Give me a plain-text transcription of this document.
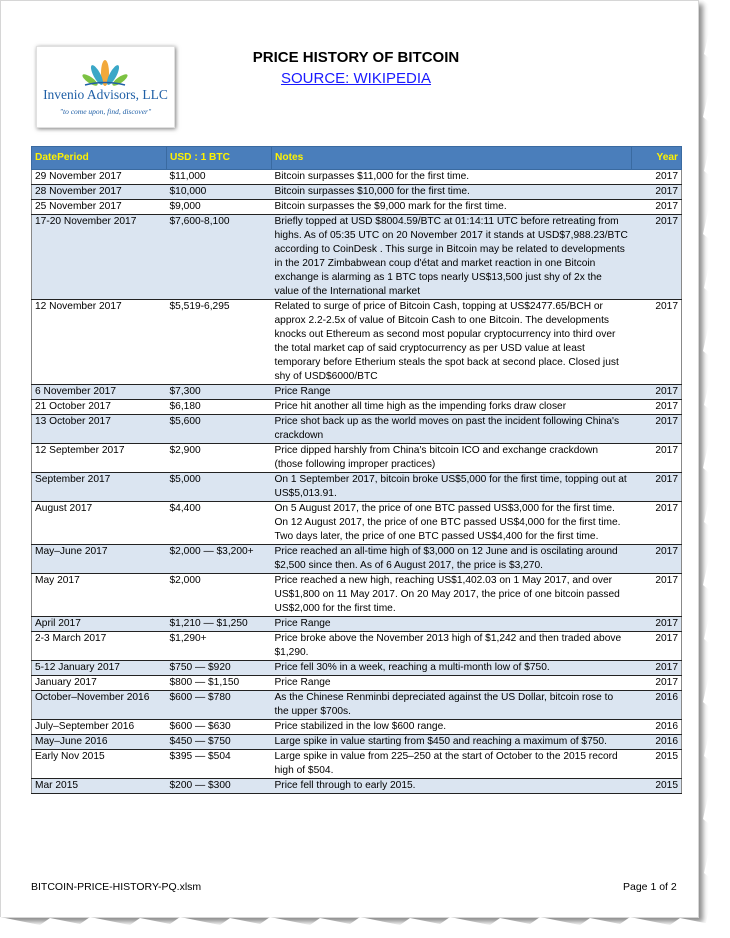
Invenio Advisors, LLC
"to come upon, find, discover"
PRICE HISTORY OF BITCOIN
SOURCE: WIKIPEDIA
DatePeriod	USD : 1 BTC	Notes	Year
29 November 2017	$11,000	Bitcoin surpasses $11,000 for the first time.	2017
28 November 2017	$10,000	Bitcoin surpasses $10,000 for the first time.	2017
25 November 2017	$9,000	Bitcoin surpasses the $9,000 mark for the first time.	2017
17-20 November 2017	$7,600-8,100	Briefly topped at USD $8004.59/BTC at 01:14:11 UTC before retreating from highs. As of 05:35 UTC on 20 November 2017 it stands at USD$7,988.23/BTC according to CoinDesk . This surge in Bitcoin may be related to developments in the 2017 Zimbabwean coup d'état and market reaction in one Bitcoin exchange is alarming as 1 BTC tops nearly US$13,500 just shy of 2x the value of the International market	2017
12 November 2017	$5,519-6,295	Related to surge of price of Bitcoin Cash, topping at US$2477.65/BCH or approx 2.2-2.5x of value of Bitcoin Cash to one Bitcoin. The developments knocks out Ethereum as second most popular cryptocurrency into third over the total market cap of said cryptocurrency as per USD value at least temporary before Etherium steals the spot back at second place. Closed just shy of USD$6000/BTC	2017
6 November 2017	$7,300	Price Range	2017
21 October 2017	$6,180	Price hit another all time high as the impending forks draw closer	2017
13 October 2017	$5,600	Price shot back up as the world moves on past the incident following China's crackdown	2017
12 September 2017	$2,900	Price dipped harshly from China's bitcoin ICO and exchange crackdown (those following improper practices)	2017
September 2017	$5,000	On 1 September 2017, bitcoin broke US$5,000 for the first time, topping out at US$5,013.91.	2017
August 2017	$4,400	On 5 August 2017, the price of one BTC passed US$3,000 for the first time. On 12 August 2017, the price of one BTC passed US$4,000 for the first time. Two days later, the price of one BTC passed US$4,400 for the first time.	2017
May–June 2017	$2,000 — $3,200+	Price reached an all-time high of $3,000 on 12 June and is oscilating around $2,500 since then. As of 6 August 2017, the price is $3,270.	2017
May 2017	$2,000	Price reached a new high, reaching US$1,402.03 on 1 May 2017, and over US$1,800 on 11 May 2017. On 20 May 2017, the price of one bitcoin passed US$2,000 for the first time.	2017
April 2017	$1,210 — $1,250	Price Range	2017
2-3 March 2017	$1,290+	Price broke above the November 2013 high of $1,242 and then traded above $1,290.	2017
5-12 January 2017	$750 — $920	Price fell 30% in a week, reaching a multi-month low of $750.	2017
January 2017	$800 — $1,150	Price Range	2017
October–November 2016	$600 — $780	As the Chinese Renminbi depreciated against the US Dollar, bitcoin rose to the upper $700s.	2016
July–September 2016	$600 — $630	Price stabilized in the low $600 range.	2016
May–June 2016	$450 — $750	Large spike in value starting from $450 and reaching a maximum of $750.	2016
Early Nov 2015	$395 — $504	Large spike in value from 225–250 at the start of October to the 2015 record high of $504.	2015
Mar 2015	$200 — $300	Price fell through to early 2015.	2015
BITCOIN-PRICE-HISTORY-PQ.xlsm	Page 1 of 2
